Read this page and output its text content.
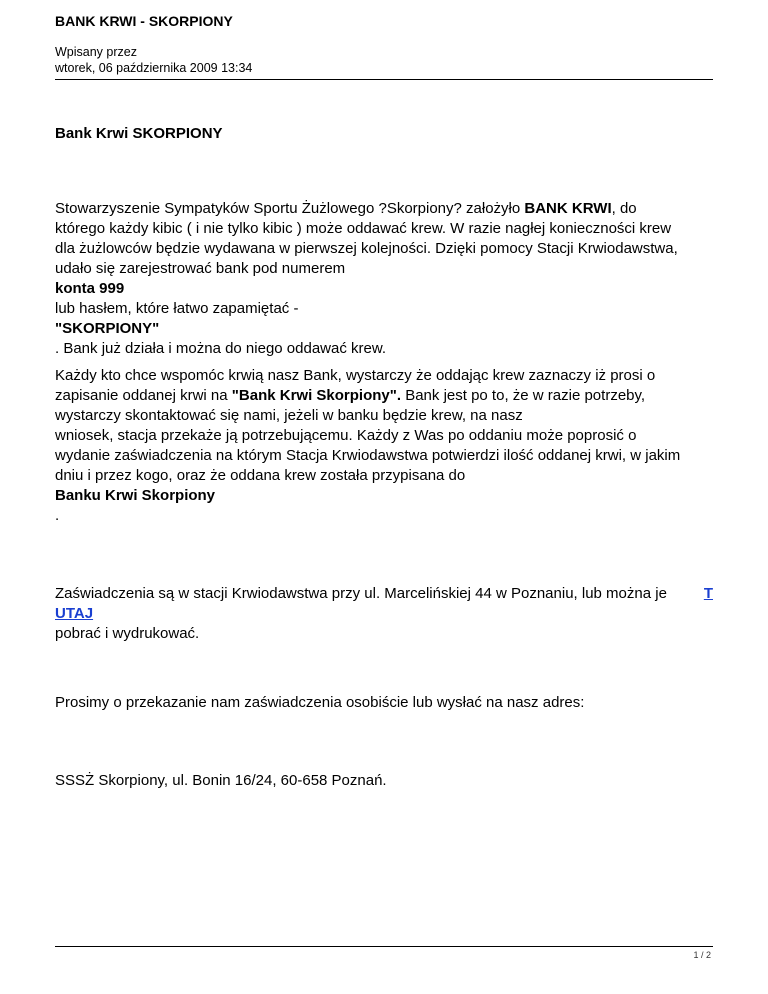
BANK KRWI - SKORPIONY
Wpisany przez
wtorek, 06 października 2009 13:34
Bank Krwi SKORPIONY
Stowarzyszenie Sympatyków Sportu Żużlowego ?Skorpiony? założyło BANK KRWI, do
którego każdy kibic ( i nie tylko kibic ) może oddawać krew. W razie nagłej konieczności krew
dla żużlowców będzie wydawana w pierwszej kolejności. Dzięki pomocy Stacji Krwiodawstwa,
udało się zarejestrować bank pod numerem
konta 999
lub hasłem, które łatwo zapamiętać -
"SKORPIONY"
. Bank już działa i można do niego oddawać krew.
Każdy kto chce wspomóc krwią nasz Bank, wystarczy że oddając krew zaznaczy iż prosi o
zapisanie oddanej krwi na "Bank Krwi Skorpiony". Bank jest po to, że w razie potrzeby,
wystarczy skontaktować się nami, jeżeli w banku będzie krew, na nasz
wniosek, stacja przekaże ją potrzebującemu. Każdy z Was po oddaniu może poprosić o
wydanie zaświadczenia na którym Stacja Krwiodawstwa potwierdzi ilość oddanej krwi, w jakim
dniu i przez kogo, oraz że oddana krew została przypisana do
Banku Krwi Skorpiony
.
Zaświadczenia są w stacji Krwiodawstwa przy ul. Marcelińskiej 44 w Poznaniu, lub można je T
UTAJ
pobrać i wydrukować.
Prosimy o przekazanie nam zaświadczenia osobiście lub wysłać na nasz adres:
SSSŻ Skorpiony, ul. Bonin 16/24, 60-658 Poznań.
1 / 2
